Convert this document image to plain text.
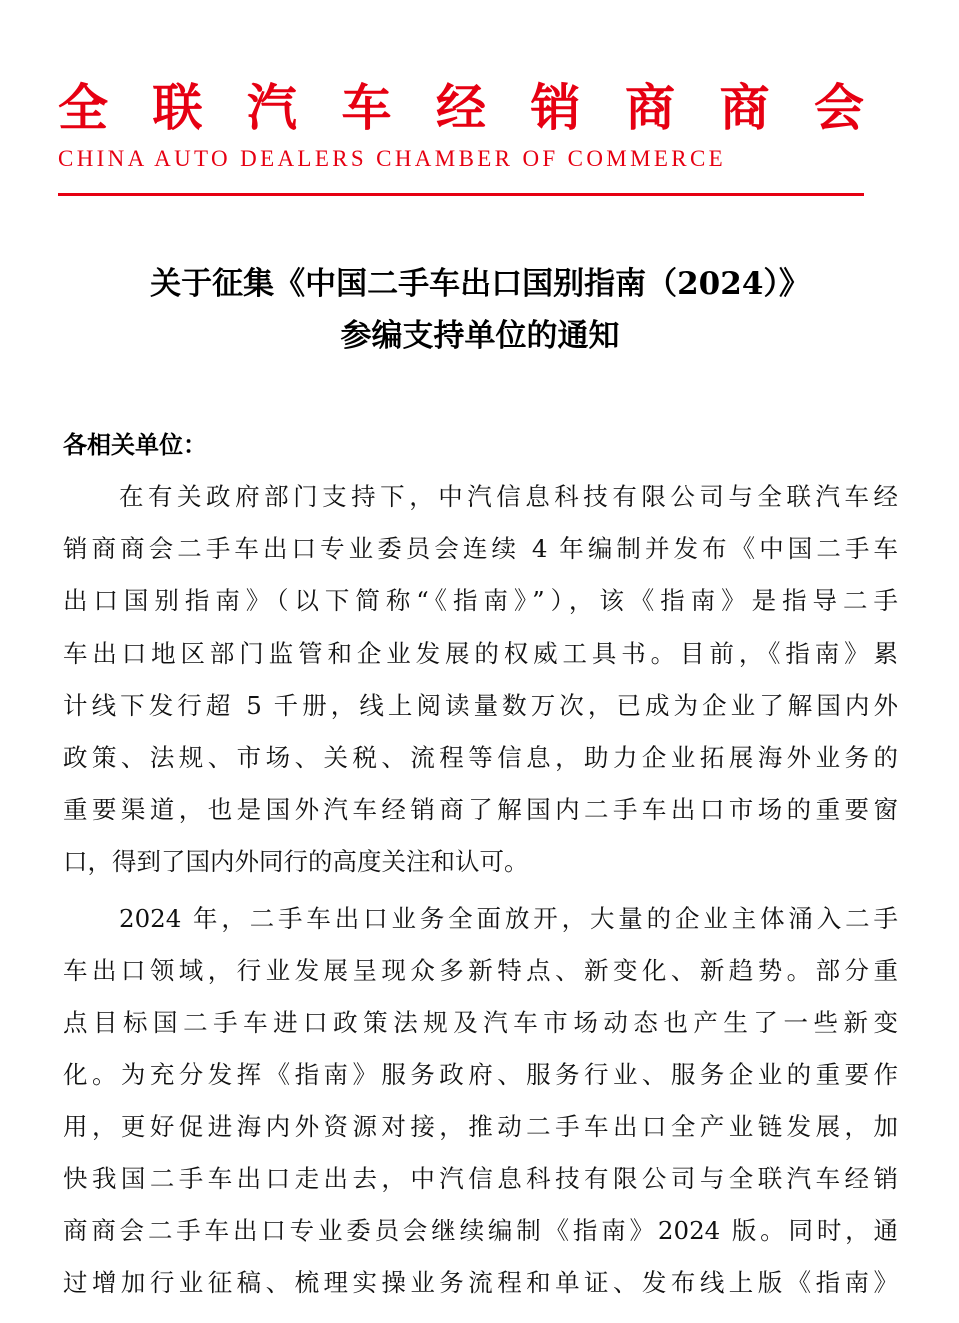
全 联 汽 车 经 销 商 商 会
CHINA AUTO DEALERS CHAMBER OF COMMERCE
关于征集《中国二手车出口国别指南（2024）》
参编支持单位的通知
各相关单位：
在有关政府部门支持下，中汽信息科技有限公司与全联汽车经
销商商会二手车出口专业委员会连续 4 年编制并发布《中国二手车
出口国别指南》（以下简称“《指南》”），该《指南》是指导二手
车出口地区部门监管和企业发展的权威工具书。目前，《指南》累
计线下发行超 5 千册，线上阅读量数万次，已成为企业了解国内外
政策、法规、市场、关税、流程等信息，助力企业拓展海外业务的
重要渠道，也是国外汽车经销商了解国内二手车出口市场的重要窗
口，得到了国内外同行的高度关注和认可。
2024 年，二手车出口业务全面放开，大量的企业主体涌入二手
车出口领域，行业发展呈现众多新特点、新变化、新趋势。部分重
点目标国二手车进口政策法规及汽车市场动态也产生了一些新变
化。为充分发挥《指南》服务政府、服务行业、服务企业的重要作
用，更好促进海内外资源对接，推动二手车出口全产业链发展，加
快我国二手车出口走出去，中汽信息科技有限公司与全联汽车经销
商商会二手车出口专业委员会继续编制《指南》2024 版。同时，通
过增加行业征稿、梳理实操业务流程和单证、发布线上版《指南》
